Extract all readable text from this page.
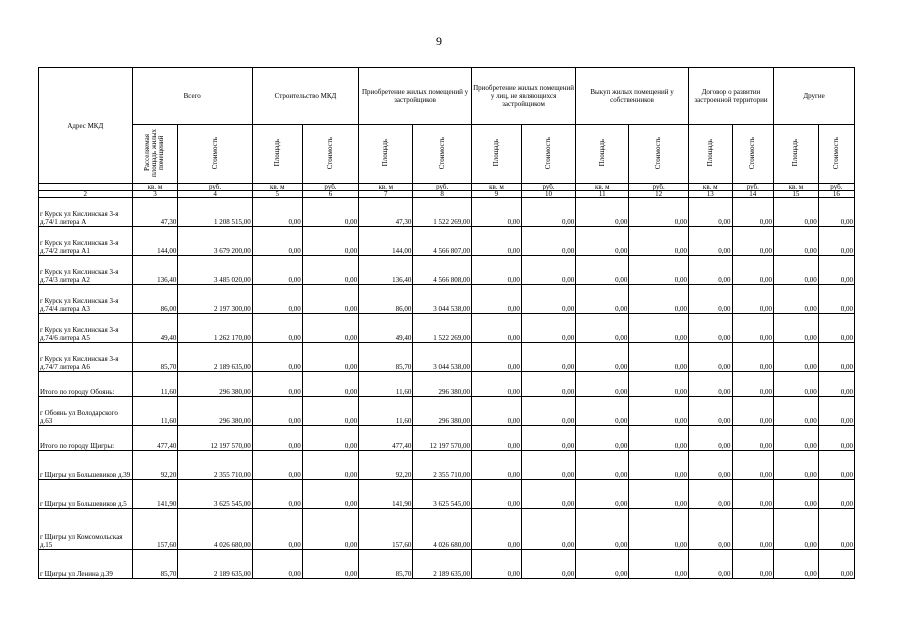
9
Адрес МКД	Всего		Строительство МКД		Приобретение жилых помещений у застройщиков		Приобретение жилых помещений у лиц, не являющихся застройщиком		Выкуп жилых помещений у собственников		Договор о развитии застроенной территории		Другие	
	Расселяемая площадь жилых помещений	Стоимость	Площадь	Стоимость	Площадь	Стоимость	Площадь	Стоимость	Площадь	Стоимость	Площадь	Стоимость	Площадь	Стоимость
	кв. м	руб.	кв. м	руб.	кв. м	руб.	кв. м	руб.	кв. м	руб.	кв. м	руб.	кв. м	руб.
2	3	4	5	6	7	8	9	10	11	12	13	14	15	16
г Курск ул Кислинская 3-я д.74/1 литера А	47,30	1 208 515,00	0,00	0,00	47,30	1 522 269,00	0,00	0,00	0,00	0,00	0,00	0,00	0,00	0,00
г Курск ул Кислинская 3-я д.74/2 литера А1	144,00	3 679 200,00	0,00	0,00	144,00	4 566 807,00	0,00	0,00	0,00	0,00	0,00	0,00	0,00	0,00
г Курск ул Кислинская 3-я д.74/3 литера А2	136,40	3 485 020,00	0,00	0,00	136,40	4 566 808,00	0,00	0,00	0,00	0,00	0,00	0,00	0,00	0,00
г Курск ул Кислинская 3-я д.74/4 литера А3	86,00	2 197 300,00	0,00	0,00	86,00	3 044 538,00	0,00	0,00	0,00	0,00	0,00	0,00	0,00	0,00
г Курск ул Кислинская 3-я д.74/6 литера А5	49,40	1 262 170,00	0,00	0,00	49,40	1 522 269,00	0,00	0,00	0,00	0,00	0,00	0,00	0,00	0,00
г Курск ул Кислинская 3-я д.74/7 литера А6	85,70	2 189 635,00	0,00	0,00	85,70	3 044 538,00	0,00	0,00	0,00	0,00	0,00	0,00	0,00	0,00
Итого по городу Обоянь:	11,60	296 380,00	0,00	0,00	11,60	296 380,00	0,00	0,00	0,00	0,00	0,00	0,00	0,00	0,00
г Обоянь ул Володарского д.63	11,60	296 380,00	0,00	0,00	11,60	296 380,00	0,00	0,00	0,00	0,00	0,00	0,00	0,00	0,00
Итого по городу Щигры:	477,40	12 197 570,00	0,00	0,00	477,40	12 197 570,00	0,00	0,00	0,00	0,00	0,00	0,00	0,00	0,00
г Щигры ул Большевиков д.39	92,20	2 355 710,00	0,00	0,00	92,20	2 355 710,00	0,00	0,00	0,00	0,00	0,00	0,00	0,00	0,00
г Щигры ул Большевиков д.5	141,90	3 625 545,00	0,00	0,00	141,90	3 625 545,00	0,00	0,00	0,00	0,00	0,00	0,00	0,00	0,00
г Щигры ул Комсомольская д.15	157,60	4 026 680,00	0,00	0,00	157,60	4 026 680,00	0,00	0,00	0,00	0,00	0,00	0,00	0,00	0,00
г Щигры ул Ленина д.39	85,70	2 189 635,00	0,00	0,00	85,70	2 189 635,00	0,00	0,00	0,00	0,00	0,00	0,00	0,00	0,00
